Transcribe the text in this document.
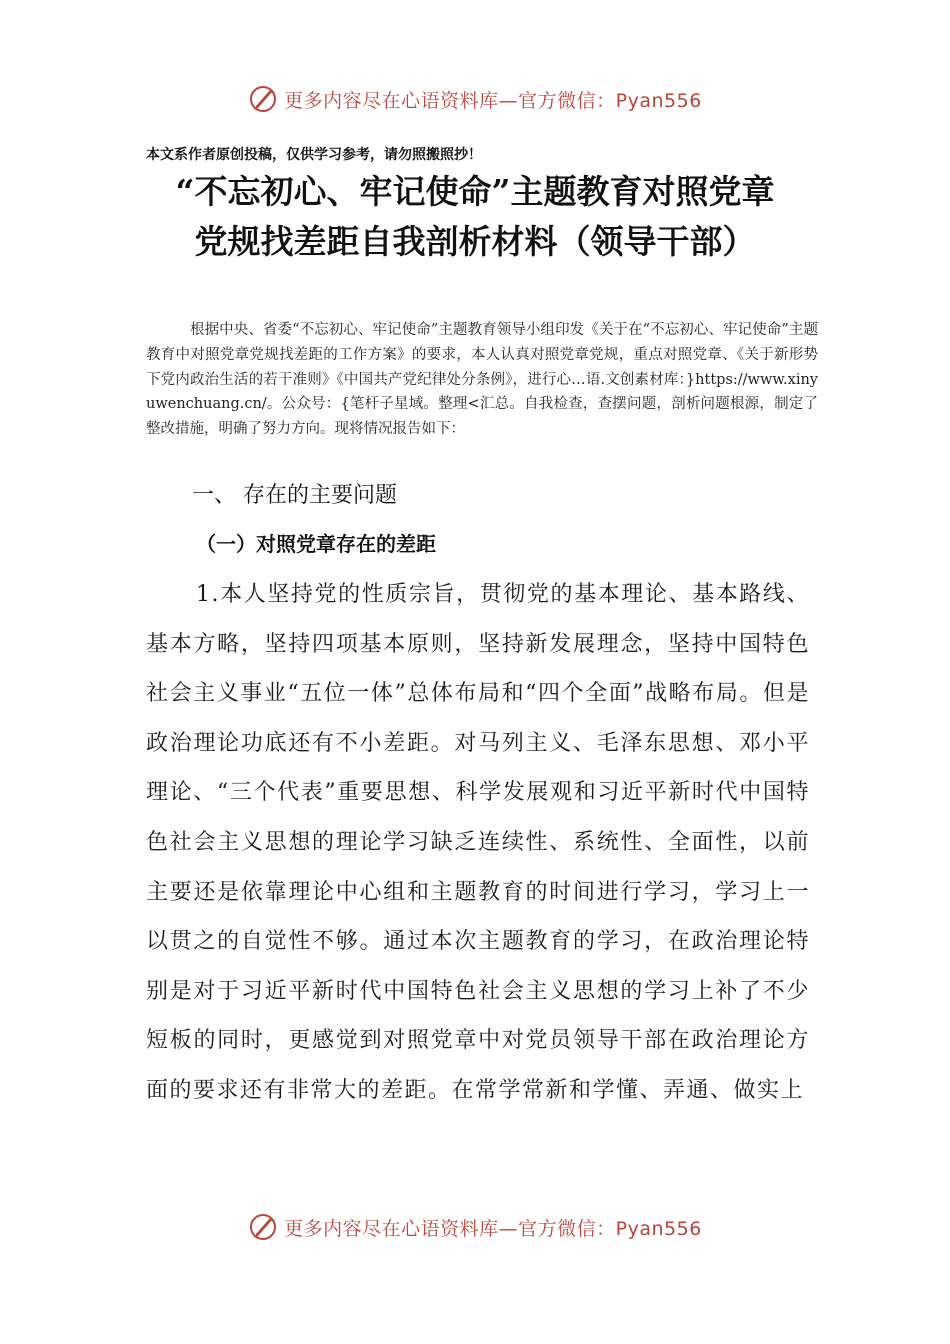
更多内容尽在心语资料库—官方微信：Pyan556
本文系作者原创投稿，仅供学习参考，请勿照搬照抄！
“不忘初心、牢记使命”主题教育对照党章
党规找差距自我剖析材料（领导干部）
根据中央、省委“不忘初心、牢记使命”主题教育领导小组印发《关于在“不忘初心、牢记使命”主题教育中对照党章党规找差距的工作方案》的要求，本人认真对照党章党规，重点对照党章、《关于新形势下党内政治生活的若干准则》《中国共产党纪律处分条例》，进行心…语.文创素材库：}https://www.xinyuwenchuang.cn/。公众号：{笔杆子星域。整理<汇总。自我检查，查摆问题，剖析问题根源，制定了整改措施，明确了努力方向。现将情况报告如下：
一、 存在的主要问题
（一）对照党章存在的差距
1.本人坚持党的性质宗旨，贯彻党的基本理论、基本路线、基本方略，坚持四项基本原则，坚持新发展理念，坚持中国特色社会主义事业“五位一体”总体布局和“四个全面”战略布局。但是政治理论功底还有不小差距。对马列主义、毛泽东思想、邓小平理论、“三个代表”重要思想、科学发展观和习近平新时代中国特色社会主义思想的理论学习缺乏连续性、系统性、全面性，以前主要还是依靠理论中心组和主题教育的时间进行学习，学习上一以贯之的自觉性不够。通过本次主题教育的学习，在政治理论特别是对于习近平新时代中国特色社会主义思想的学习上补了不少短板的同时，更感觉到对照党章中对党员领导干部在政治理论方面的要求还有非常大的差距。在常学常新和学懂、弄通、做实上
更多内容尽在心语资料库—官方微信：Pyan556
